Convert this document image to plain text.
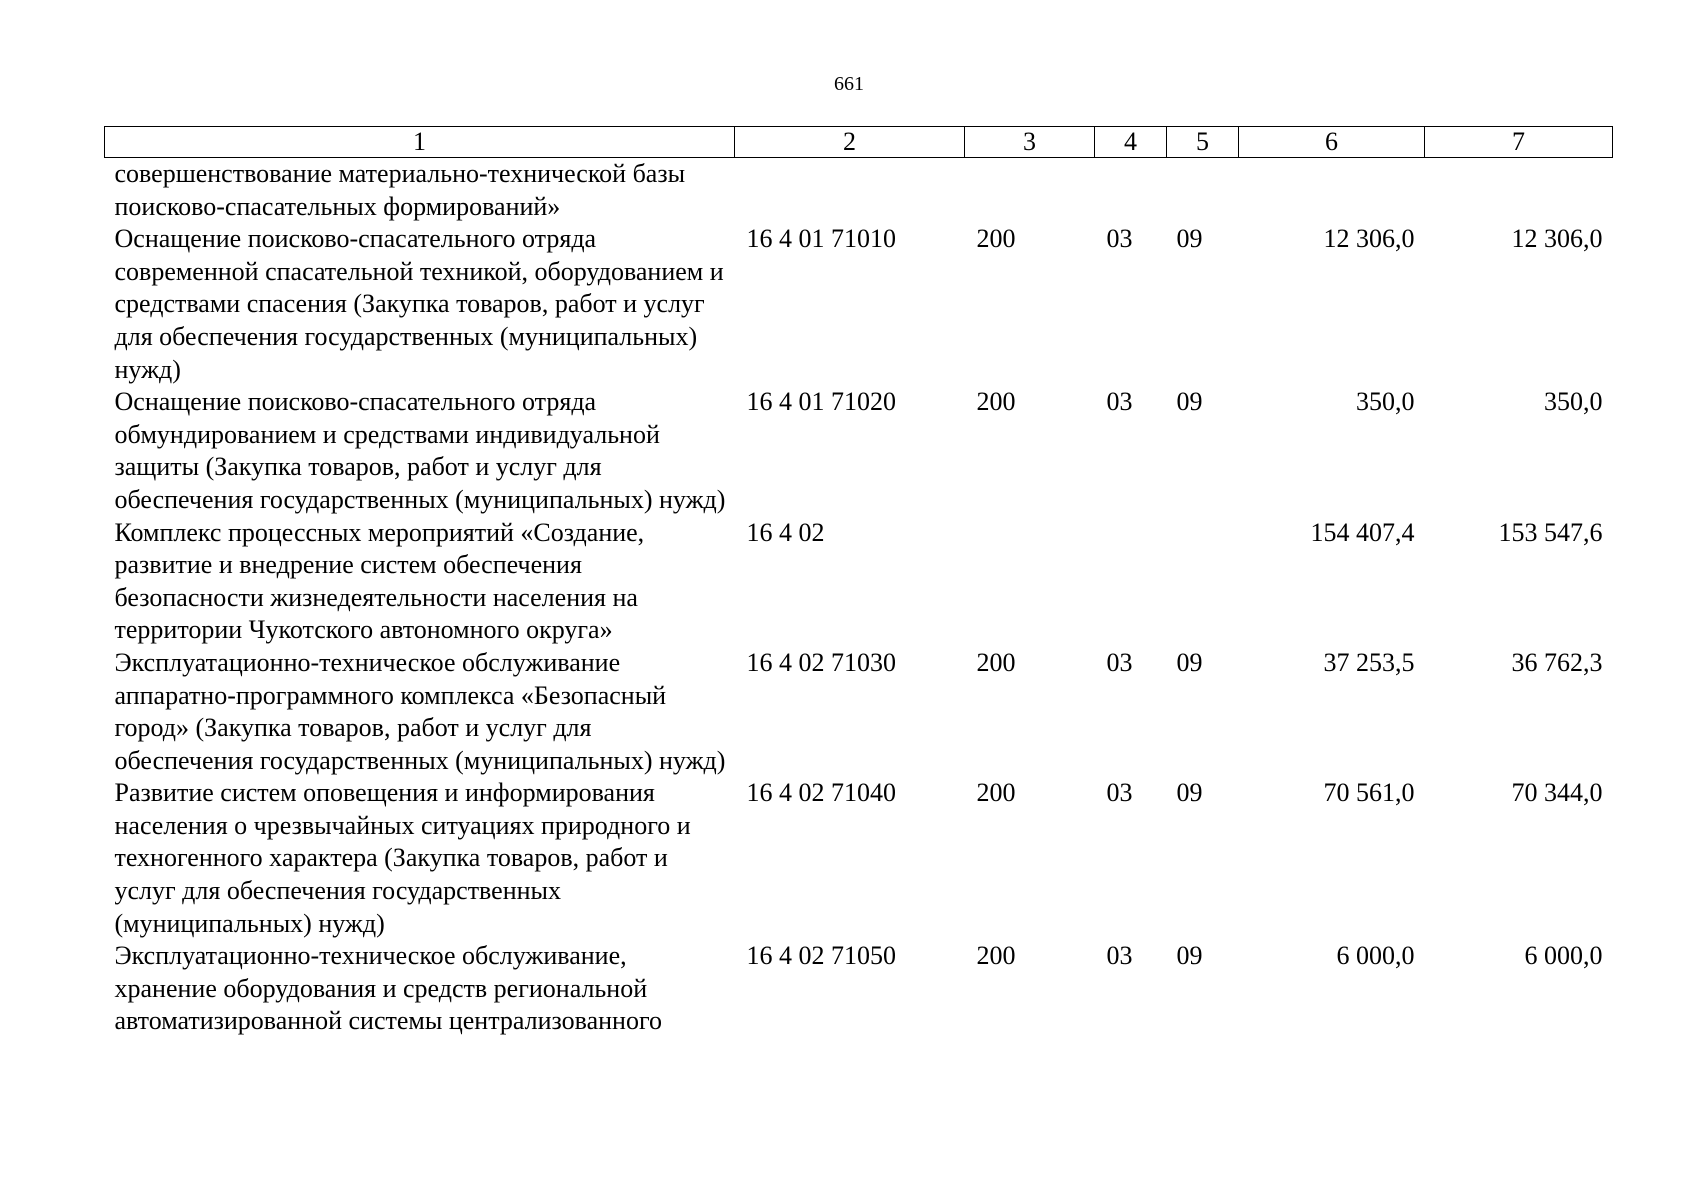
661
1	2	3	4	5	6	7
совершенствование материально-технической базы поисково-спасательных формирований»						
Оснащение поисково-спасательного отряда современной спасательной техникой, оборудованием и средствами спасения (Закупка товаров, работ и услуг для обеспечения государственных (муниципальных) нужд)	16 4 01 71010	200	03	09	12 306,0	12 306,0
Оснащение поисково-спасательного отряда обмундированием и средствами индивидуальной защиты (Закупка товаров, работ и услуг для обеспечения государственных (муниципальных) нужд)	16 4 01 71020	200	03	09	350,0	350,0
Комплекс процессных мероприятий «Создание, развитие и внедрение систем обеспечения безопасности жизнедеятельности населения на территории Чукотского автономного округа»	16 4 02				154 407,4	153 547,6
Эксплуатационно-техническое обслуживание аппаратно-программного комплекса «Безопасный город» (Закупка товаров, работ и услуг для обеспечения государственных (муниципальных) нужд)	16 4 02 71030	200	03	09	37 253,5	36 762,3
Развитие систем оповещения и информирования населения о чрезвычайных ситуациях природного и техногенного характера (Закупка товаров, работ и услуг для обеспечения государственных (муниципальных) нужд)	16 4 02 71040	200	03	09	70 561,0	70 344,0
Эксплуатационно-техническое обслуживание, хранение оборудования и средств региональной автоматизированной системы централизованного	16 4 02 71050	200	03	09	6 000,0	6 000,0
